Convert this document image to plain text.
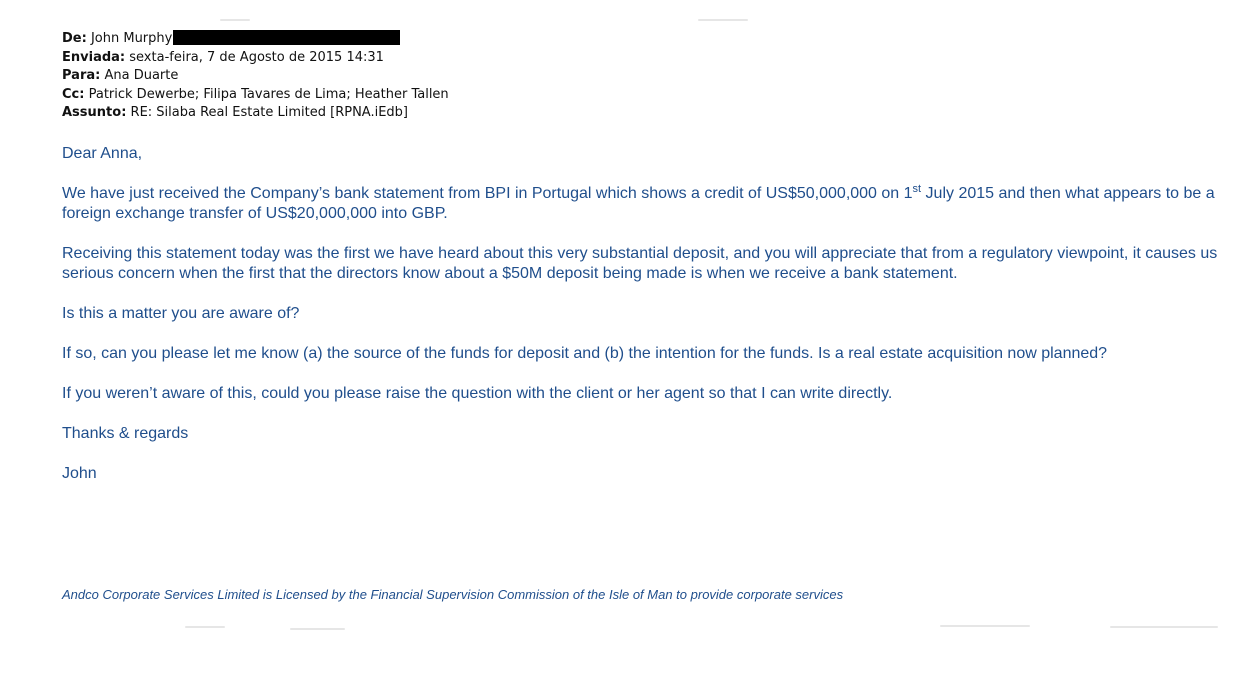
De: John Murphy
Enviada: sexta-feira, 7 de Agosto de 2015 14:31
Para: Ana Duarte
Cc: Patrick Dewerbe; Filipa Tavares de Lima; Heather Tallen
Assunto: RE: Silaba Real Estate Limited [RPNA.iEdb]

Dear Anna,

We have just received the Company’s bank statement from BPI in Portugal which shows a credit of US$50,000,000 on 1st July 2015 and then what appears to be a foreign exchange transfer of US$20,000,000 into GBP.

Receiving this statement today was the first we have heard about this very substantial deposit, and you will appreciate that from a regulatory viewpoint, it causes us serious concern when the first that the directors know about a $50M deposit being made is when we receive a bank statement.

Is this a matter you are aware of?

If so, can you please let me know (a) the source of the funds for deposit and (b) the intention for the funds. Is a real estate acquisition now planned?

If you weren’t aware of this, could you please raise the question with the client or her agent so that I can write directly.

Thanks & regards

John

Andco Corporate Services Limited is Licensed by the Financial Supervision Commission of the Isle of Man to provide corporate services
